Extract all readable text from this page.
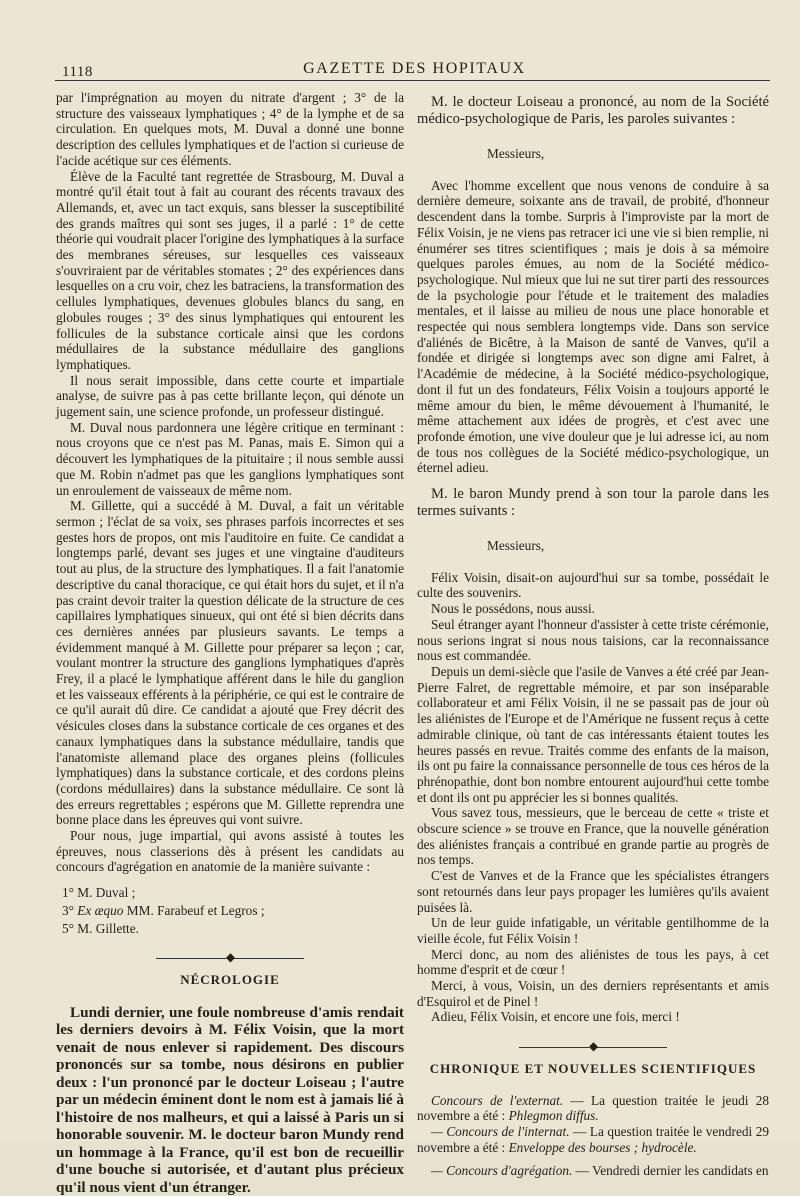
1118	GAZETTE DES HOPITAUX

par l'imprégnation au moyen du nitrate d'argent ; 3° de la structure des vaisseaux lymphatiques ; 4° de la lymphe et de sa circulation. En quelques mots, M. Duval a donné une bonne description des cellules lymphatiques et de l'action si curieuse de l'acide acétique sur ces éléments.

Élève de la Faculté tant regrettée de Strasbourg, M. Duval a montré qu'il était tout à fait au courant des récents travaux des Allemands, et, avec un tact exquis, sans blesser la susceptibilité des grands maîtres qui sont ses juges, il a parlé : 1° de cette théorie qui voudrait placer l'origine des lymphatiques à la surface des membranes séreuses, sur lesquelles ces vaisseaux s'ouvriraient par de véritables stomates ; 2° des expériences dans lesquelles on a cru voir, chez les batraciens, la transformation des cellules lymphatiques, devenues globules blancs du sang, en globules rouges ; 3° des sinus lymphatiques qui entourent les follicules de la substance corticale ainsi que les cordons médullaires de la substance médullaire des ganglions lymphatiques.

Il nous serait impossible, dans cette courte et impartiale analyse, de suivre pas à pas cette brillante leçon, qui dénote un jugement sain, une science profonde, un professeur distingué.

M. Duval nous pardonnera une légère critique en terminant : nous croyons que ce n'est pas M. Panas, mais E. Simon qui a découvert les lymphatiques de la pituitaire ; il nous semble aussi que M. Robin n'admet pas que les ganglions lymphatiques sont un enroulement de vaisseaux de même nom.

M. Gillette, qui a succédé à M. Duval, a fait un véritable sermon ; l'éclat de sa voix, ses phrases parfois incorrectes et ses gestes hors de propos, ont mis l'auditoire en fuite. Ce candidat a longtemps parlé, devant ses juges et une vingtaine d'auditeurs tout au plus, de la structure des lymphatiques. Il a fait l'anatomie descriptive du canal thoracique, ce qui était hors du sujet, et il n'a pas craint devoir traiter la question délicate de la structure de ces capillaires lymphatiques sinueux, qui ont été si bien décrits dans ces dernières années par plusieurs savants. Le temps a évidemment manqué à M. Gillette pour préparer sa leçon ; car, voulant montrer la structure des ganglions lymphatiques d'après Frey, il a placé le lymphatique afférent dans le hile du ganglion et les vaisseaux efférents à la périphérie, ce qui est le contraire de ce qu'il aurait dû dire. Ce candidat a ajouté que Frey décrit des vésicules closes dans la substance corticale de ces organes et des canaux lymphatiques dans la substance médullaire, tandis que l'anatomiste allemand place des organes pleins (follicules lymphatiques) dans la substance corticale, et des cordons pleins (cordons médullaires) dans la substance médullaire. Ce sont là des erreurs regrettables ; espérons que M. Gillette reprendra une bonne place dans les épreuves qui vont suivre.

Pour nous, juge impartial, qui avons assisté à toutes les épreuves, nous classerions dès à présent les candidats au concours d'agrégation en anatomie de la manière suivante :

1° M. Duval ;

3° Ex æquo MM. Farabeuf et Legros ;

5° M. Gillette.

◆
NÉCROLOGIE

Lundi dernier, une foule nombreuse d'amis rendait les derniers devoirs à M. Félix Voisin, que la mort venait de nous enlever si rapidement. Des discours prononcés sur sa tombe, nous désirons en publier deux : l'un prononcé par le docteur Loiseau ; l'autre par un médecin éminent dont le nom est à jamais lié à l'histoire de nos malheurs, et qui a laissé à Paris un si honorable souvenir. M. le docteur baron Mundy rend un hommage à la France, qu'il est bon de recueillir d'une bouche si autorisée, et d'autant plus précieux qu'il nous vient d'un étranger.

M. le docteur Loiseau a prononcé, au nom de la Société médico-psychologique de Paris, les paroles suivantes :

Messieurs,

Avec l'homme excellent que nous venons de conduire à sa dernière demeure, soixante ans de travail, de probité, d'honneur descendent dans la tombe. Surpris à l'improviste par la mort de Félix Voisin, je ne viens pas retracer ici une vie si bien remplie, ni énumérer ses titres scientifiques ; mais je dois à sa mémoire quelques paroles émues, au nom de la Société médico-psychologique. Nul mieux que lui ne sut tirer parti des ressources de la psychologie pour l'étude et le traitement des maladies mentales, et il laisse au milieu de nous une place honorable et respectée qui nous semblera longtemps vide. Dans son service d'aliénés de Bicêtre, à la Maison de santé de Vanves, qu'il a fondée et dirigée si longtemps avec son digne ami Falret, à l'Académie de médecine, à la Société médico-psychologique, dont il fut un des fondateurs, Félix Voisin a toujours apporté le même amour du bien, le même dévouement à l'humanité, le même attachement aux idées de progrès, et c'est avec une profonde émotion, une vive douleur que je lui adresse ici, au nom de tous nos collègues de la Société médico-psychologique, un éternel adieu.

M. le baron Mundy prend à son tour la parole dans les termes suivants :

Messieurs,

Félix Voisin, disait-on aujourd'hui sur sa tombe, possédait le culte des souvenirs.

Nous le possédons, nous aussi.

Seul étranger ayant l'honneur d'assister à cette triste cérémonie, nous serions ingrat si nous nous taisions, car la reconnaissance nous est commandée.

Depuis un demi-siècle que l'asile de Vanves a été créé par Jean-Pierre Falret, de regrettable mémoire, et par son inséparable collaborateur et ami Félix Voisin, il ne se passait pas de jour où les aliénistes de l'Europe et de l'Amérique ne fussent reçus à cette admirable clinique, où tant de cas intéressants étaient toutes les heures passés en revue. Traités comme des enfants de la maison, ils ont pu faire la connaissance personnelle de tous ces héros de la phrénopathie, dont bon nombre entourent aujourd'hui cette tombe et dont ils ont pu apprécier les si bonnes qualités.

Vous savez tous, messieurs, que le berceau de cette « triste et obscure science » se trouve en France, que la nouvelle génération des aliénistes français a contribué en grande partie au progrès de nos temps.

C'est de Vanves et de la France que les spécialistes étrangers sont retournés dans leur pays propager les lumières qu'ils avaient puisées là.

Un de leur guide infatigable, un véritable gentilhomme de la vieille école, fut Félix Voisin !

Merci donc, au nom des aliénistes de tous les pays, à cet homme d'esprit et de cœur !

Merci, à vous, Voisin, un des derniers représentants et amis d'Esquirol et de Pinel !

Adieu, Félix Voisin, et encore une fois, merci !

◆
CHRONIQUE ET NOUVELLES SCIENTIFIQUES

Concours de l'externat. — La question traitée le jeudi 28 novembre a été : Phlegmon diffus.

— Concours de l'internat. — La question traitée le vendredi 29 novembre a été : Enveloppe des bourses ; hydrocèle.

— Concours d'agrégation. — Vendredi dernier les candidats en
